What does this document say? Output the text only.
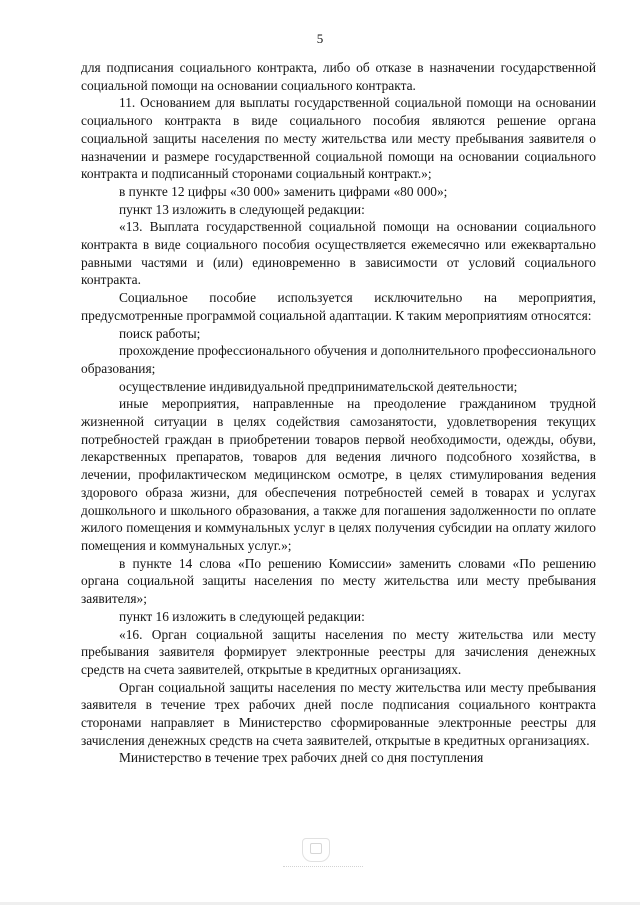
5

для подписания социального контракта, либо об отказе в назначении государственной социальной помощи на основании социального контракта.

11. Основанием для выплаты государственной социальной помощи на основании социального контракта в виде социального пособия являются решение органа социальной защиты населения по месту жительства или месту пребывания заявителя о назначении и размере государственной социальной помощи на основании социального контракта и подписанный сторонами социальный контракт.»;

в пункте 12 цифры «30 000» заменить цифрами «80 000»;

пункт 13 изложить в следующей редакции:

«13. Выплата государственной социальной помощи на основании социального контракта в виде социального пособия осуществляется ежемесячно или ежеквартально равными частями и (или) единовременно в зависимости от условий социального контракта.

Социальное пособие используется исключительно на мероприятия, предусмотренные программой социальной адаптации. К таким мероприятиям относятся:

поиск работы;

прохождение профессионального обучения и дополнительного профессионального образования;

осуществление индивидуальной предпринимательской деятельности;

иные мероприятия, направленные на преодоление гражданином трудной жизненной ситуации в целях содействия самозанятости, удовлетворения текущих потребностей граждан в приобретении товаров первой необходимости, одежды, обуви, лекарственных препаратов, товаров для ведения личного подсобного хозяйства, в лечении, профилактическом медицинском осмотре, в целях стимулирования ведения здорового образа жизни, для обеспечения потребностей семей в товарах и услугах дошкольного и школьного образования, а также для погашения задолженности по оплате жилого помещения и коммунальных услуг в целях получения субсидии на оплату жилого помещения и коммунальных услуг.»;

в пункте 14 слова «По решению Комиссии» заменить словами «По решению органа социальной защиты населения по месту жительства или месту пребывания заявителя»;

пункт 16 изложить в следующей редакции:

«16. Орган социальной защиты населения по месту жительства или месту пребывания заявителя формирует электронные реестры для зачисления денежных средств на счета заявителей, открытые в кредитных организациях.

Орган социальной защиты населения по месту жительства или месту пребывания заявителя в течение трех рабочих дней после подписания социального контракта сторонами направляет в Министерство сформированные электронные реестры для зачисления денежных средств на счета заявителей, открытые в кредитных организациях.

Министерство в течение трех рабочих дней со дня поступления
